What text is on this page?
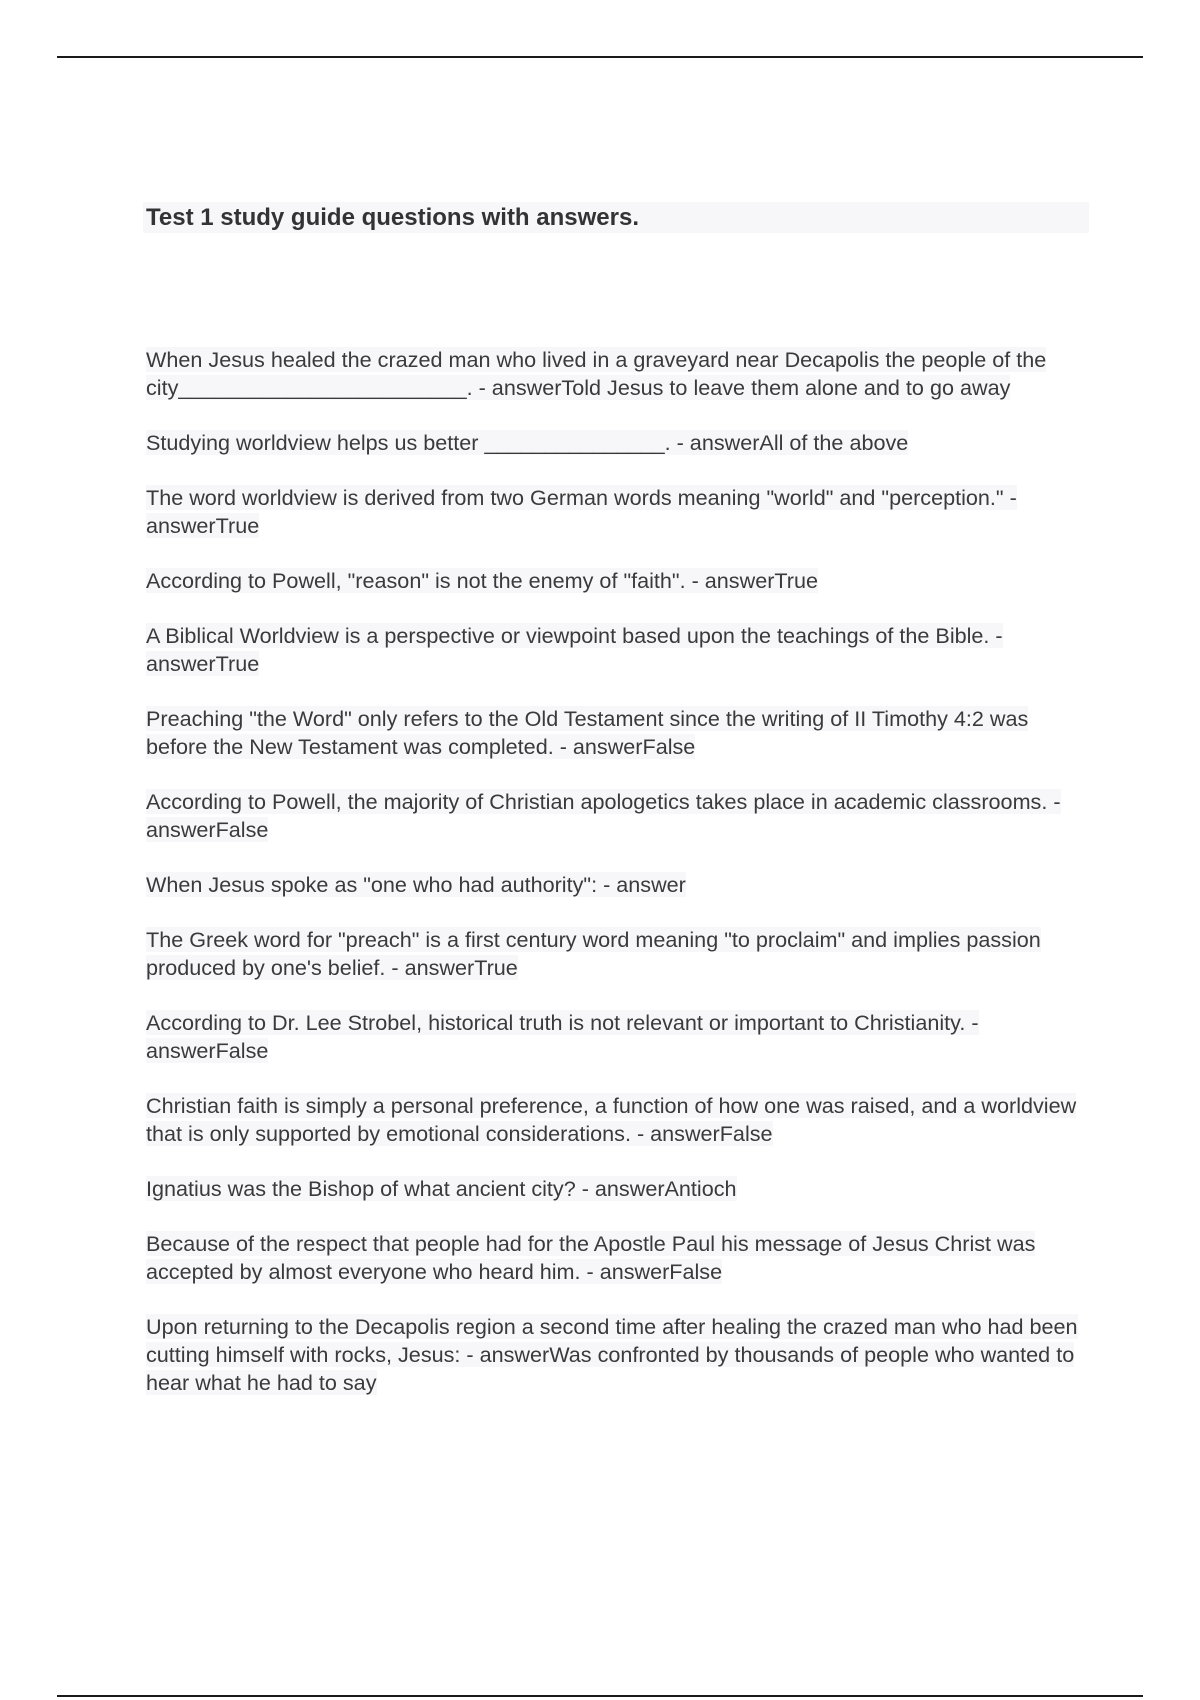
Test 1 study guide questions with answers.
When Jesus healed the crazed man who lived in a graveyard near Decapolis the people of the city________________________. - answerTold Jesus to leave them alone and to go away
Studying worldview helps us better _______________. - answerAll of the above
The word worldview is derived from two German words meaning "world" and "perception." - answerTrue
According to Powell, "reason" is not the enemy of "faith". - answerTrue
A Biblical Worldview is a perspective or viewpoint based upon the teachings of the Bible. - answerTrue
Preaching "the Word" only refers to the Old Testament since the writing of II Timothy 4:2 was before the New Testament was completed. - answerFalse
According to Powell, the majority of Christian apologetics takes place in academic classrooms. - answerFalse
When Jesus spoke as "one who had authority": - answer
The Greek word for "preach" is a first century word meaning "to proclaim" and implies passion produced by one's belief. - answerTrue
According to Dr. Lee Strobel, historical truth is not relevant or important to Christianity. - answerFalse
Christian faith is simply a personal preference, a function of how one was raised, and a worldview that is only supported by emotional considerations. - answerFalse
Ignatius was the Bishop of what ancient city? - answerAntioch
Because of the respect that people had for the Apostle Paul his message of Jesus Christ was accepted by almost everyone who heard him. - answerFalse
Upon returning to the Decapolis region a second time after healing the crazed man who had been cutting himself with rocks, Jesus: - answerWas confronted by thousands of people who wanted to hear what he had to say
